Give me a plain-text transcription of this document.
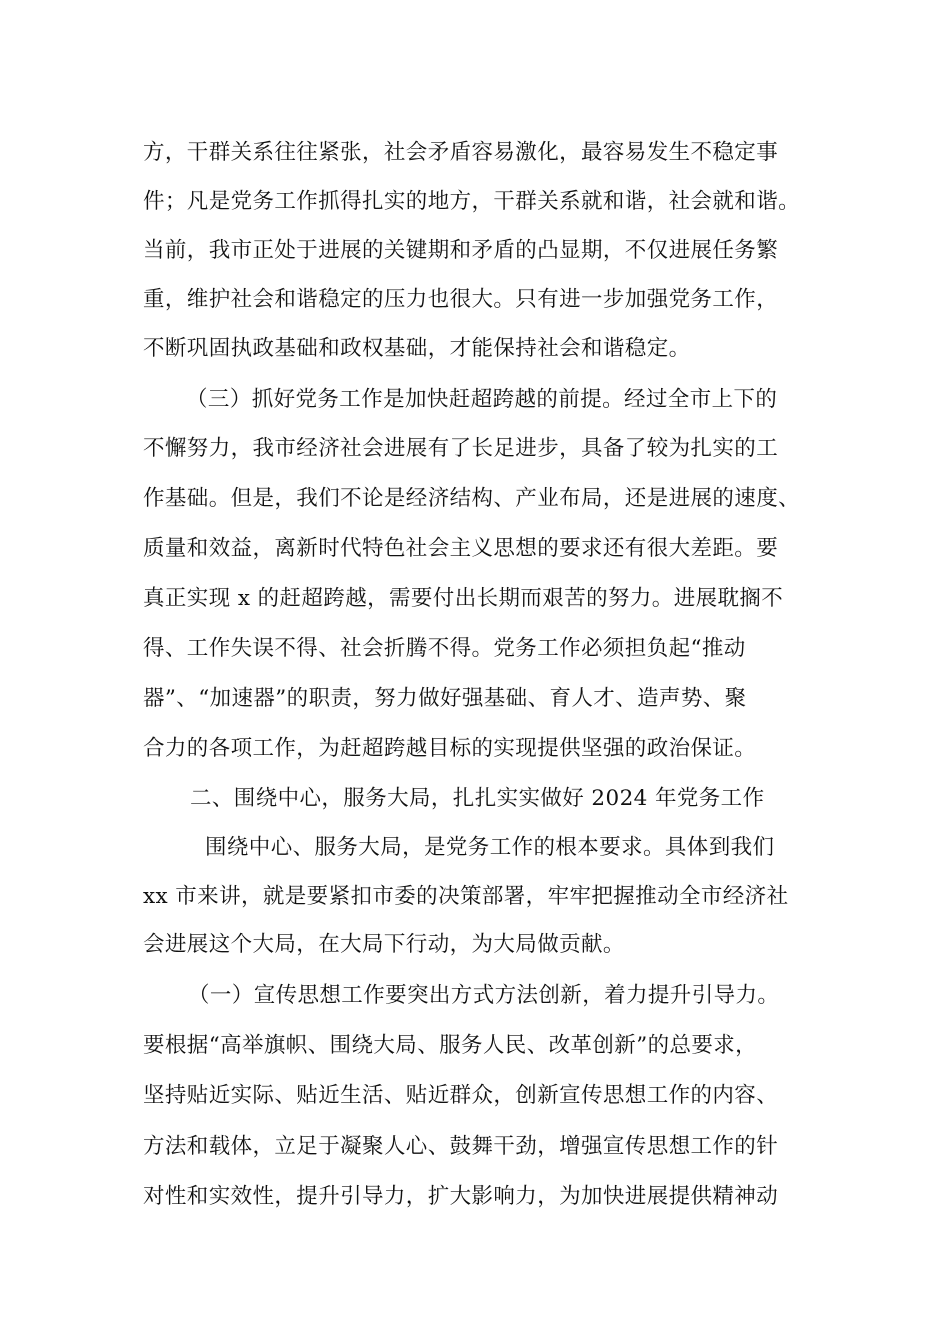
方，干群关系往往紧张，社会矛盾容易激化，最容易发生不稳定事

件；凡是党务工作抓得扎实的地方，干群关系就和谐，社会就和谐。

当前，我市正处于进展的关键期和矛盾的凸显期，不仅进展任务繁

重，维护社会和谐稳定的压力也很大。只有进一步加强党务工作，

不断巩固执政基础和政权基础，才能保持社会和谐稳定。

（三）抓好党务工作是加快赶超跨越的前提。经过全市上下的

不懈努力，我市经济社会进展有了长足进步，具备了较为扎实的工

作基础。但是，我们不论是经济结构、产业布局，还是进展的速度、

质量和效益，离新时代特色社会主义思想的要求还有很大差距。要

真正实现 x 的赶超跨越，需要付出长期而艰苦的努力。进展耽搁不

得、工作失误不得、社会折腾不得。党务工作必须担负起“推动

器”、“加速器”的职责，努力做好强基础、育人才、造声势、聚

合力的各项工作，为赶超跨越目标的实现提供坚强的政治保证。

二、围绕中心，服务大局，扎扎实实做好 2024 年党务工作

围绕中心、服务大局，是党务工作的根本要求。具体到我们

xx 市来讲，就是要紧扣市委的决策部署，牢牢把握推动全市经济社

会进展这个大局，在大局下行动，为大局做贡献。

（一）宣传思想工作要突出方式方法创新，着力提升引导力。

要根据“高举旗帜、围绕大局、服务人民、改革创新”的总要求，

坚持贴近实际、贴近生活、贴近群众，创新宣传思想工作的内容、

方法和载体，立足于凝聚人心、鼓舞干劲，增强宣传思想工作的针

对性和实效性，提升引导力，扩大影响力，为加快进展提供精神动
